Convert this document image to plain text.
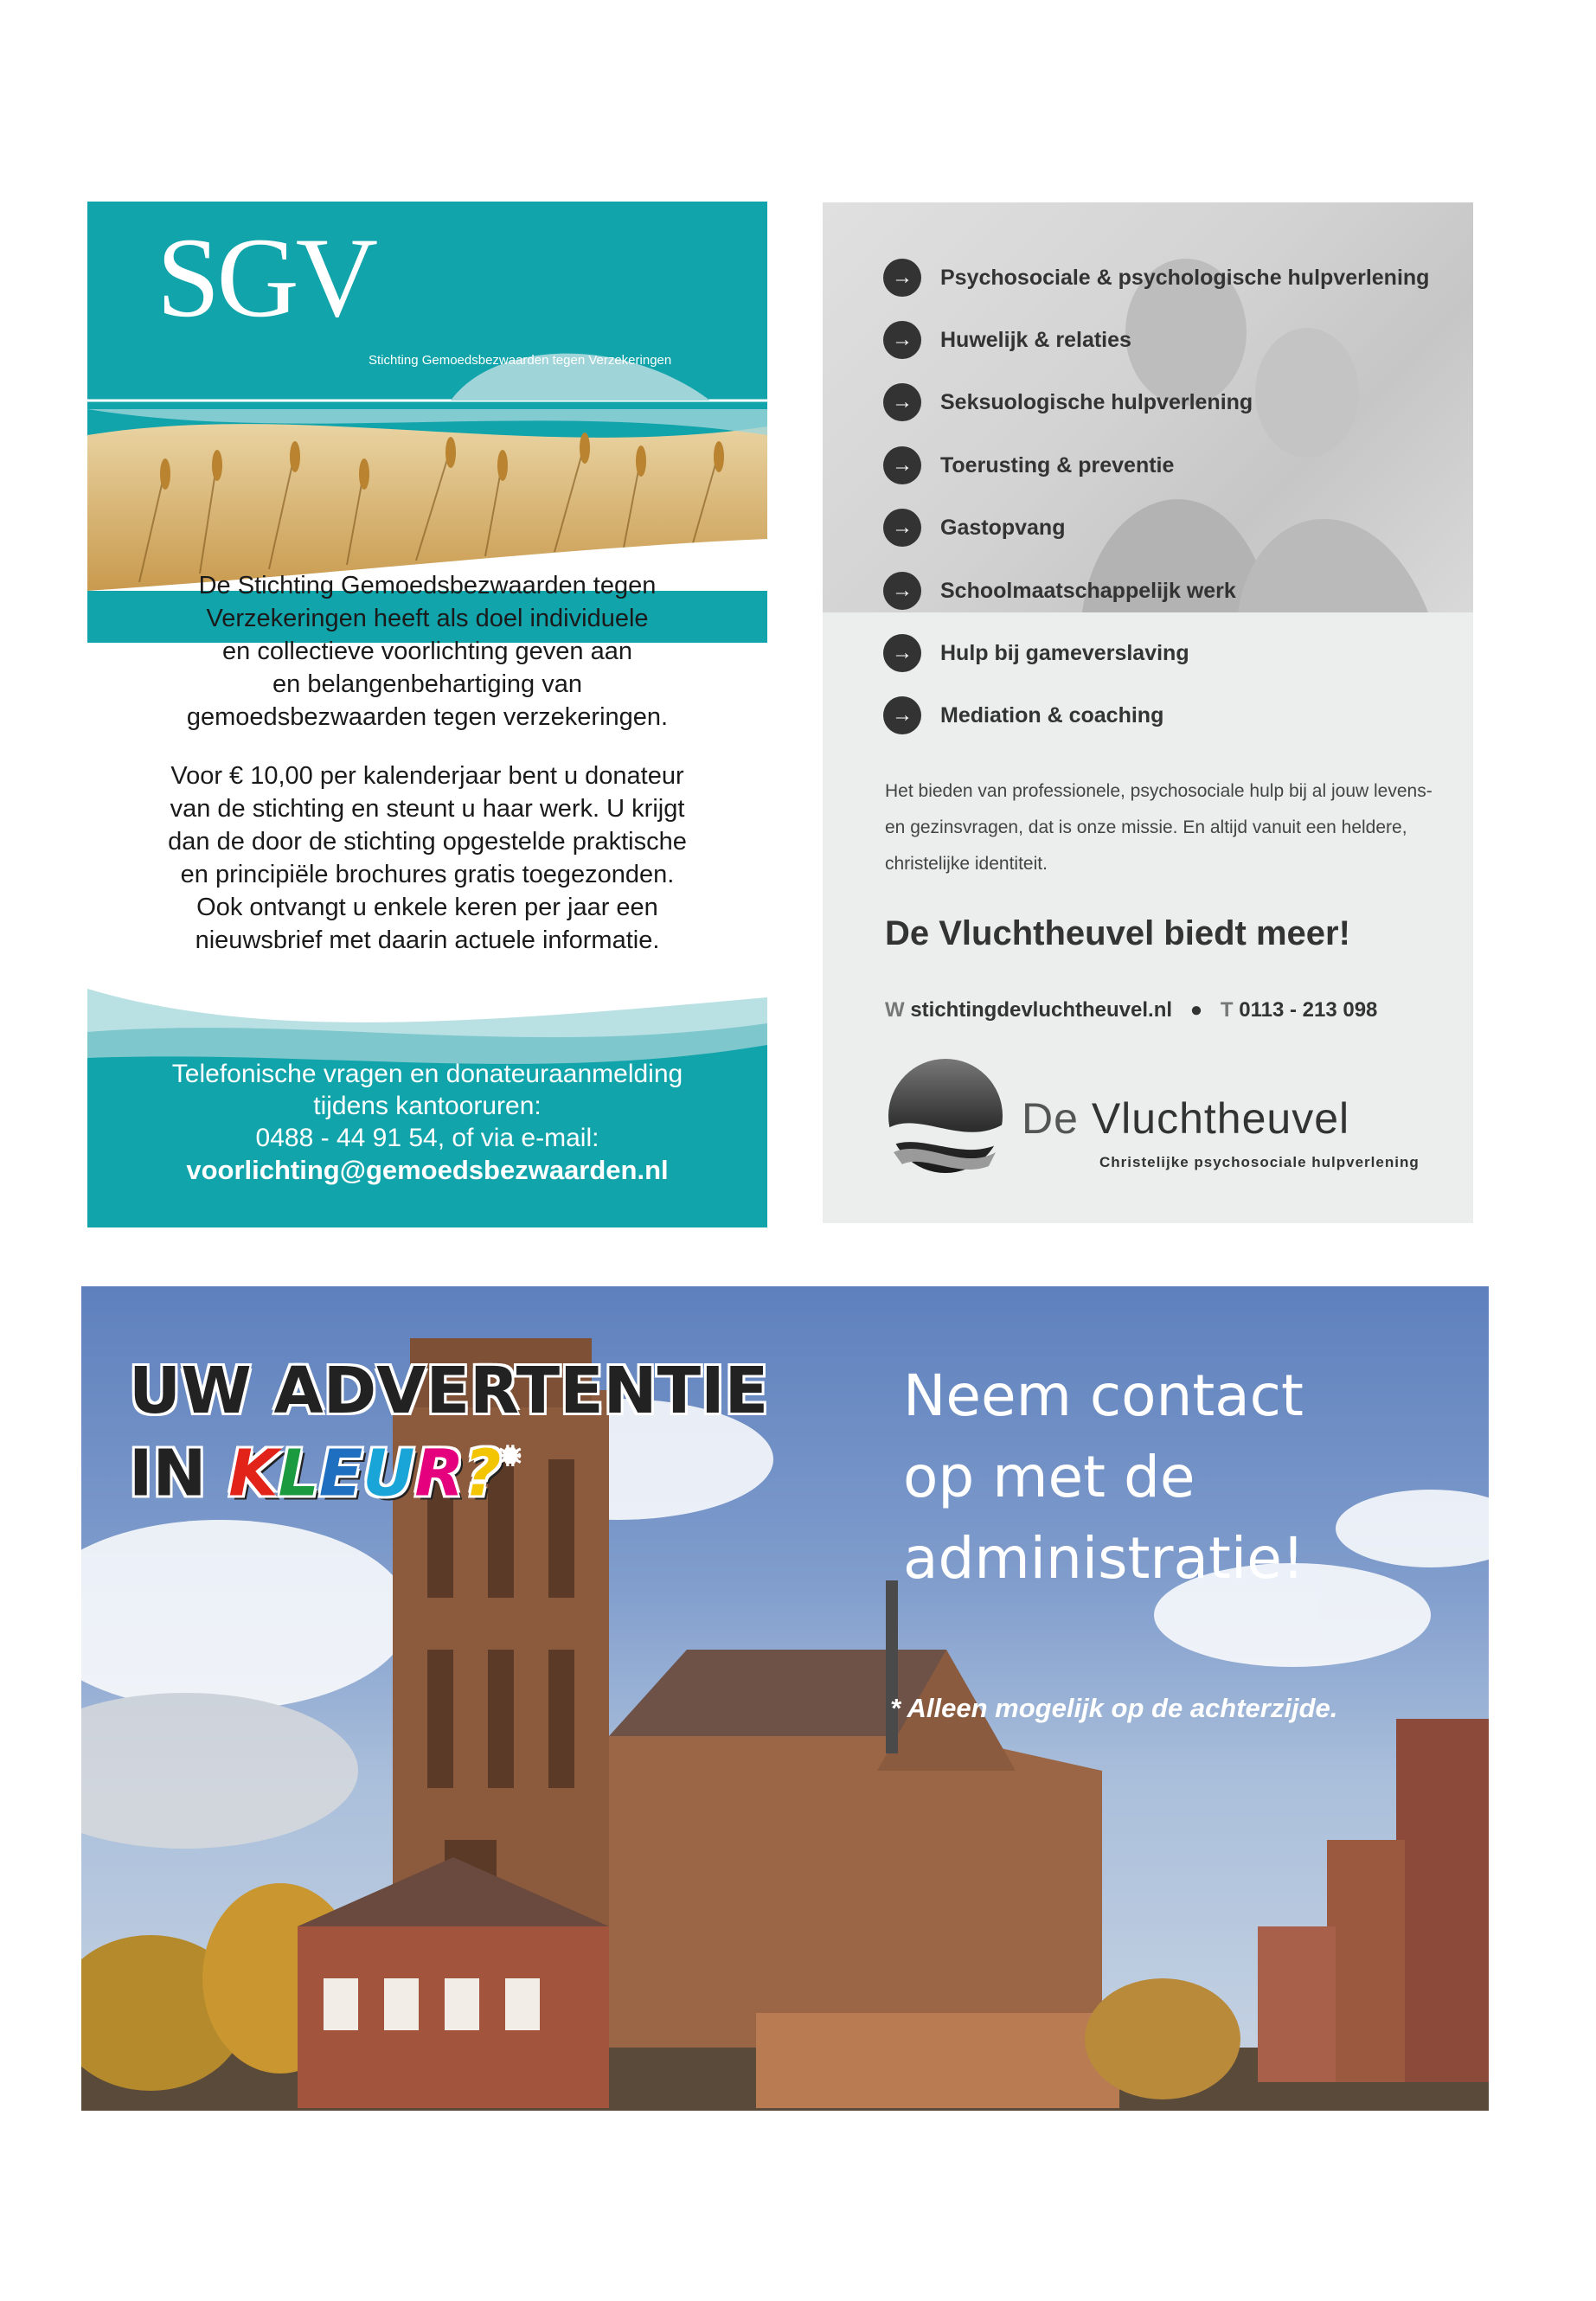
SGV
Stichting Gemoedsbezwaarden tegen Verzekeringen
De Stichting Gemoedsbezwaarden tegen
Verzekeringen heeft als doel individuele
en collectieve voorlichting geven aan
en belangenbehartiging van
gemoedsbezwaarden tegen verzekeringen.
Voor € 10,00 per kalenderjaar bent u donateur
van de stichting en steunt u haar werk. U krijgt
dan de door de stichting opgestelde praktische
en principiële brochures gratis toegezonden.
Ook ontvangt u enkele keren per jaar een
nieuwsbrief met daarin actuele informatie.
Telefonische vragen en donateuraanmelding
tijdens kantooruren:
0488 - 44 91 54, of via e-mail:
voorlichting@gemoedsbezwaarden.nl
→	Psychosociale & psychologische hulpverlening
→	Huwelijk & relaties
→	Seksuologische hulpverlening
→	Toerusting & preventie
→	Gastopvang
→	Schoolmaatschappelijk werk
→	Hulp bij gameverslaving
→	Mediation & coaching
Het bieden van professionele, psychosociale hulp bij al jouw levens- en gezinsvragen, dat is onze missie. En altijd vanuit een heldere, christelijke identiteit.
De Vluchtheuvel biedt meer!
W stichtingdevluchtheuvel.nl ● T 0113 - 213 098
De Vluchtheuvel
Christelijke psychosociale hulpverlening
UW ADVERTENTIE
IN KLEUR?*
Neem contact
op met de
administratie!
* Alleen mogelijk op de achterzijde.
